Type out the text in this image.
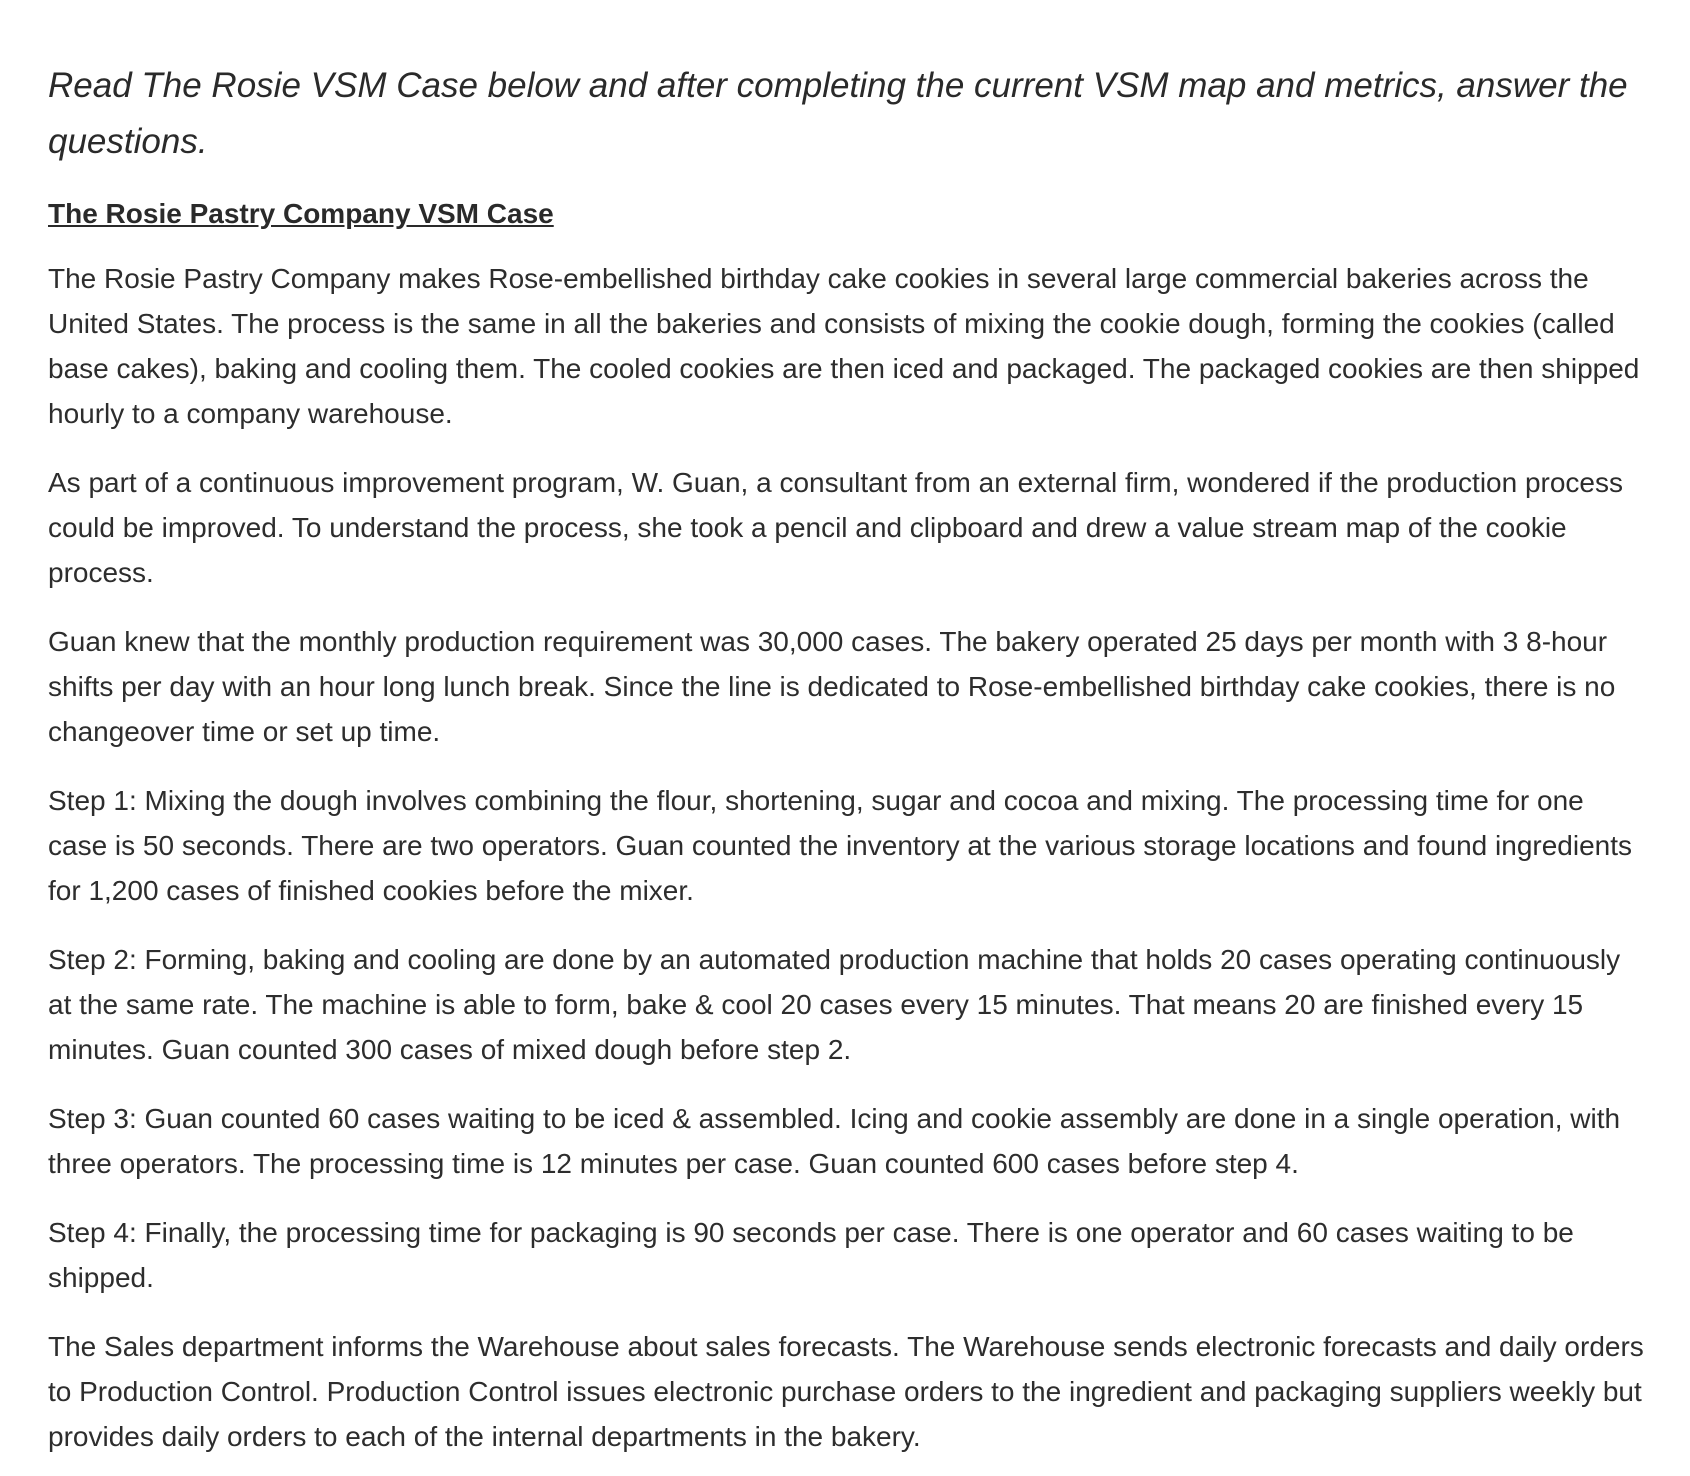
Read The Rosie VSM Case below and after completing the current VSM map and metrics, answer the questions.

The Rosie Pastry Company VSM Case

The Rosie Pastry Company makes Rose-embellished birthday cake cookies in several large commercial bakeries across the United States. The process is the same in all the bakeries and consists of mixing the cookie dough, forming the cookies (called base cakes), baking and cooling them. The cooled cookies are then iced and packaged. The packaged cookies are then shipped hourly to a company warehouse.

As part of a continuous improvement program, W. Guan, a consultant from an external firm, wondered if the production process could be improved. To understand the process, she took a pencil and clipboard and drew a value stream map of the cookie process.

Guan knew that the monthly production requirement was 30,000 cases. The bakery operated 25 days per month with 3 8-hour shifts per day with an hour long lunch break. Since the line is dedicated to Rose-embellished birthday cake cookies, there is no changeover time or set up time.

Step 1: Mixing the dough involves combining the flour, shortening, sugar and cocoa and mixing. The processing time for one case is 50 seconds. There are two operators. Guan counted the inventory at the various storage locations and found ingredients for 1,200 cases of finished cookies before the mixer.

Step 2: Forming, baking and cooling are done by an automated production machine that holds 20 cases operating continuously at the same rate. The machine is able to form, bake & cool 20 cases every 15 minutes. That means 20 are finished every 15 minutes. Guan counted 300 cases of mixed dough before step 2.

Step 3: Guan counted 60 cases waiting to be iced & assembled. Icing and cookie assembly are done in a single operation, with three operators. The processing time is 12 minutes per case. Guan counted 600 cases before step 4.

Step 4: Finally, the processing time for packaging is 90 seconds per case. There is one operator and 60 cases waiting to be shipped.

The Sales department informs the Warehouse about sales forecasts. The Warehouse sends electronic forecasts and daily orders to Production Control. Production Control issues electronic purchase orders to the ingredient and packaging suppliers weekly but provides daily orders to each of the internal departments in the bakery.
